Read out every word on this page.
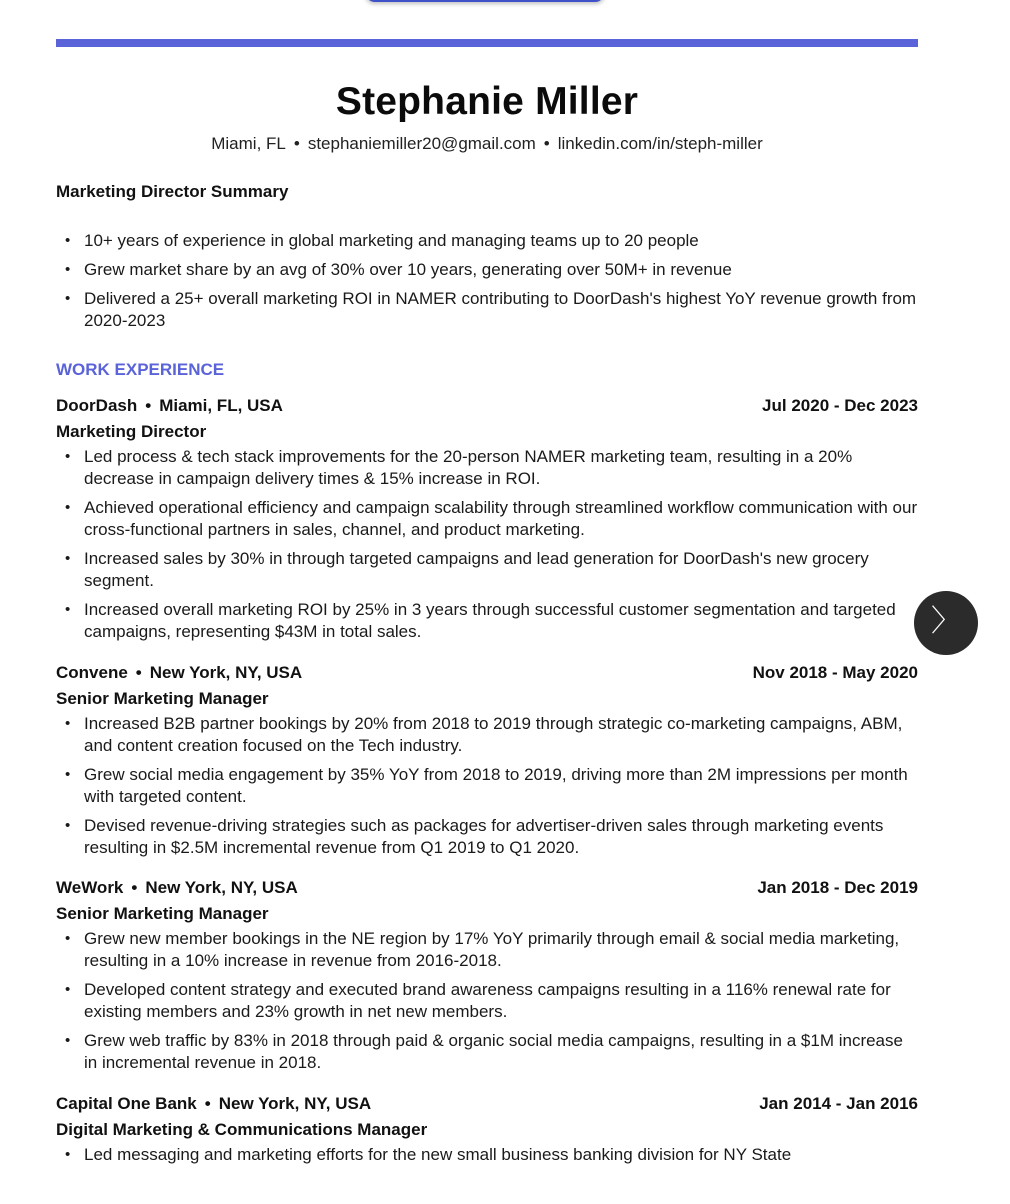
Stephanie Miller
Miami, FL • stephaniemiller20@gmail.com • linkedin.com/in/steph-miller
Marketing Director Summary
• 10+ years of experience in global marketing and managing teams up to 20 people
• Grew market share by an avg of 30% over 10 years, generating over 50M+ in revenue
• Delivered a 25+ overall marketing ROI in NAMER contributing to DoorDash's highest YoY revenue growth from 2020-2023
WORK EXPERIENCE
DoorDash • Miami, FL, USA	Jul 2020 - Dec 2023
Marketing Director
• Led process & tech stack improvements for the 20-person NAMER marketing team, resulting in a 20% decrease in campaign delivery times & 15% increase in ROI.
• Achieved operational efficiency and campaign scalability through streamlined workflow communication with our cross-functional partners in sales, channel, and product marketing.
• Increased sales by 30% in through targeted campaigns and lead generation for DoorDash's new grocery segment.
• Increased overall marketing ROI by 25% in 3 years through successful customer segmentation and targeted campaigns, representing $43M in total sales.
Convene • New York, NY, USA	Nov 2018 - May 2020
Senior Marketing Manager
• Increased B2B partner bookings by 20% from 2018 to 2019 through strategic co-marketing campaigns, ABM, and content creation focused on the Tech industry.
• Grew social media engagement by 35% YoY from 2018 to 2019, driving more than 2M impressions per month with targeted content.
• Devised revenue-driving strategies such as packages for advertiser-driven sales through marketing events resulting in $2.5M incremental revenue from Q1 2019 to Q1 2020.
WeWork • New York, NY, USA	Jan 2018 - Dec 2019
Senior Marketing Manager
• Grew new member bookings in the NE region by 17% YoY primarily through email & social media marketing, resulting in a 10% increase in revenue from 2016-2018.
• Developed content strategy and executed brand awareness campaigns resulting in a 116% renewal rate for existing members and 23% growth in net new members.
• Grew web traffic by 83% in 2018 through paid & organic social media campaigns, resulting in a $1M increase in incremental revenue in 2018.
Capital One Bank • New York, NY, USA	Jan 2014 - Jan 2016
Digital Marketing & Communications Manager
• Led messaging and marketing efforts for the new small business banking division for NY State
〉
